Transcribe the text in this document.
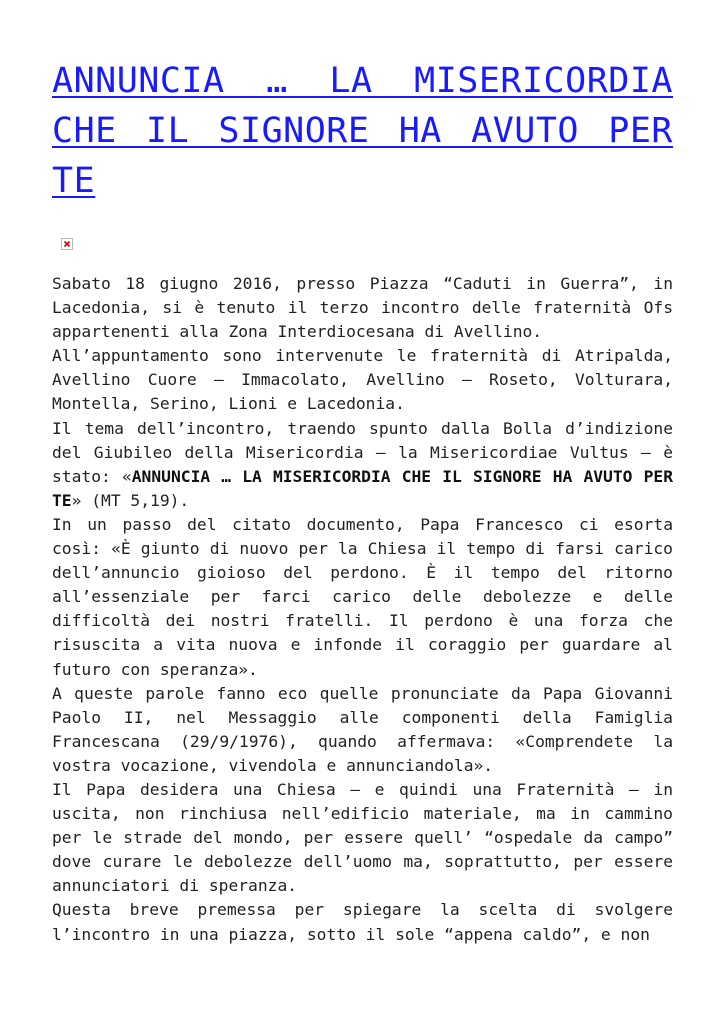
ANNUNCIA … LA MISERICORDIA CHE IL SIGNORE HA AVUTO PER TE

Sabato 18 giugno 2016, presso Piazza “Caduti in Guerra”, in Lacedonia, si è tenuto il terzo incontro delle fraternità Ofs appartenenti alla Zona Interdiocesana di Avellino.

All’appuntamento sono intervenute le fraternità di Atripalda, Avellino Cuore – Immacolato, Avellino – Roseto, Volturara, Montella, Serino, Lioni e Lacedonia.

Il tema dell’incontro, traendo spunto dalla Bolla d’indizione del Giubileo della Misericordia – la Misericordiae Vultus – è stato: «ANNUNCIA … LA MISERICORDIA CHE IL SIGNORE HA AVUTO PER TE» (MT 5,19).

In un passo del citato documento, Papa Francesco ci esorta così: «È giunto di nuovo per la Chiesa il tempo di farsi carico dell’annuncio gioioso del perdono. È il tempo del ritorno all’essenziale per farci carico delle debolezze e delle difficoltà dei nostri fratelli. Il perdono è una forza che risuscita a vita nuova e infonde il coraggio per guardare al futuro con speranza».

A queste parole fanno eco quelle pronunciate da Papa Giovanni Paolo II, nel Messaggio alle componenti della Famiglia Francescana (29/9/1976), quando affermava: «Comprendete la vostra vocazione, vivendola e annunciandola».

Il Papa desidera una Chiesa – e quindi una Fraternità – in uscita, non rinchiusa nell’edificio materiale, ma in cammino per le strade del mondo, per essere quell’ “ospedale da campo” dove curare le debolezze dell’uomo ma, soprattutto, per essere annunciatori di speranza.

Questa breve premessa per spiegare la scelta di svolgere l’incontro in una piazza, sotto il sole “appena caldo”, e non
